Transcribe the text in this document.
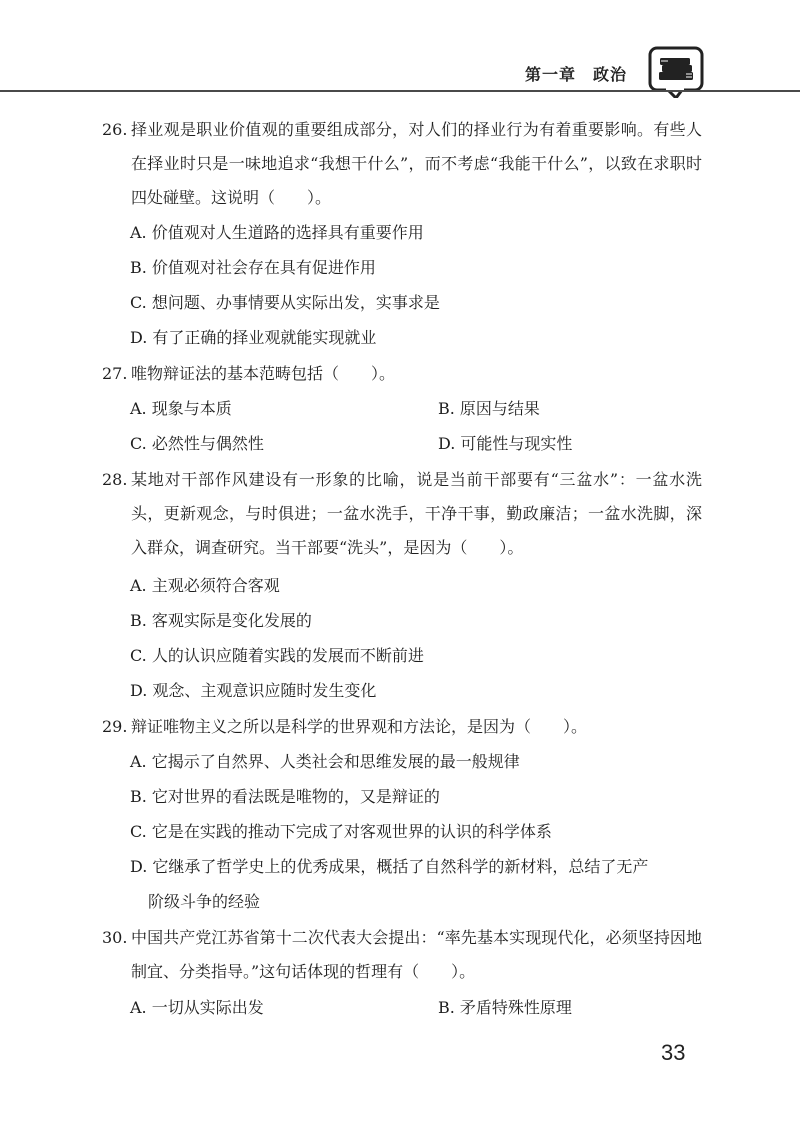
第一章　政治
26. 择业观是职业价值观的重要组成部分，对人们的择业行为有着重要影响。有些人在择业时只是一味地追求“我想干什么”，而不考虑“我能干什么”，以致在求职时四处碰壁。这说明（　　）。
A. 价值观对人生道路的选择具有重要作用
B. 价值观对社会存在具有促进作用
C. 想问题、办事情要从实际出发，实事求是
D. 有了正确的择业观就能实现就业
27. 唯物辩证法的基本范畴包括（　　）。
A. 现象与本质	B. 原因与结果
C. 必然性与偶然性	D. 可能性与现实性
28. 某地对干部作风建设有一形象的比喻，说是当前干部要有“三盆水”：一盆水洗头，更新观念，与时俱进；一盆水洗手，干净干事，勤政廉洁；一盆水洗脚，深入群众，调查研究。当干部要“洗头”，是因为（　　）。
A. 主观必须符合客观
B. 客观实际是变化发展的
C. 人的认识应随着实践的发展而不断前进
D. 观念、主观意识应随时发生变化
29. 辩证唯物主义之所以是科学的世界观和方法论，是因为（　　）。
A. 它揭示了自然界、人类社会和思维发展的最一般规律
B. 它对世界的看法既是唯物的，又是辩证的
C. 它是在实践的推动下完成了对客观世界的认识的科学体系
D. 它继承了哲学史上的优秀成果，概括了自然科学的新材料，总结了无产
阶级斗争的经验
30. 中国共产党江苏省第十二次代表大会提出：“率先基本实现现代化，必须坚持因地制宜、分类指导。”这句话体现的哲理有（　　）。
A. 一切从实际出发	B. 矛盾特殊性原理
33
